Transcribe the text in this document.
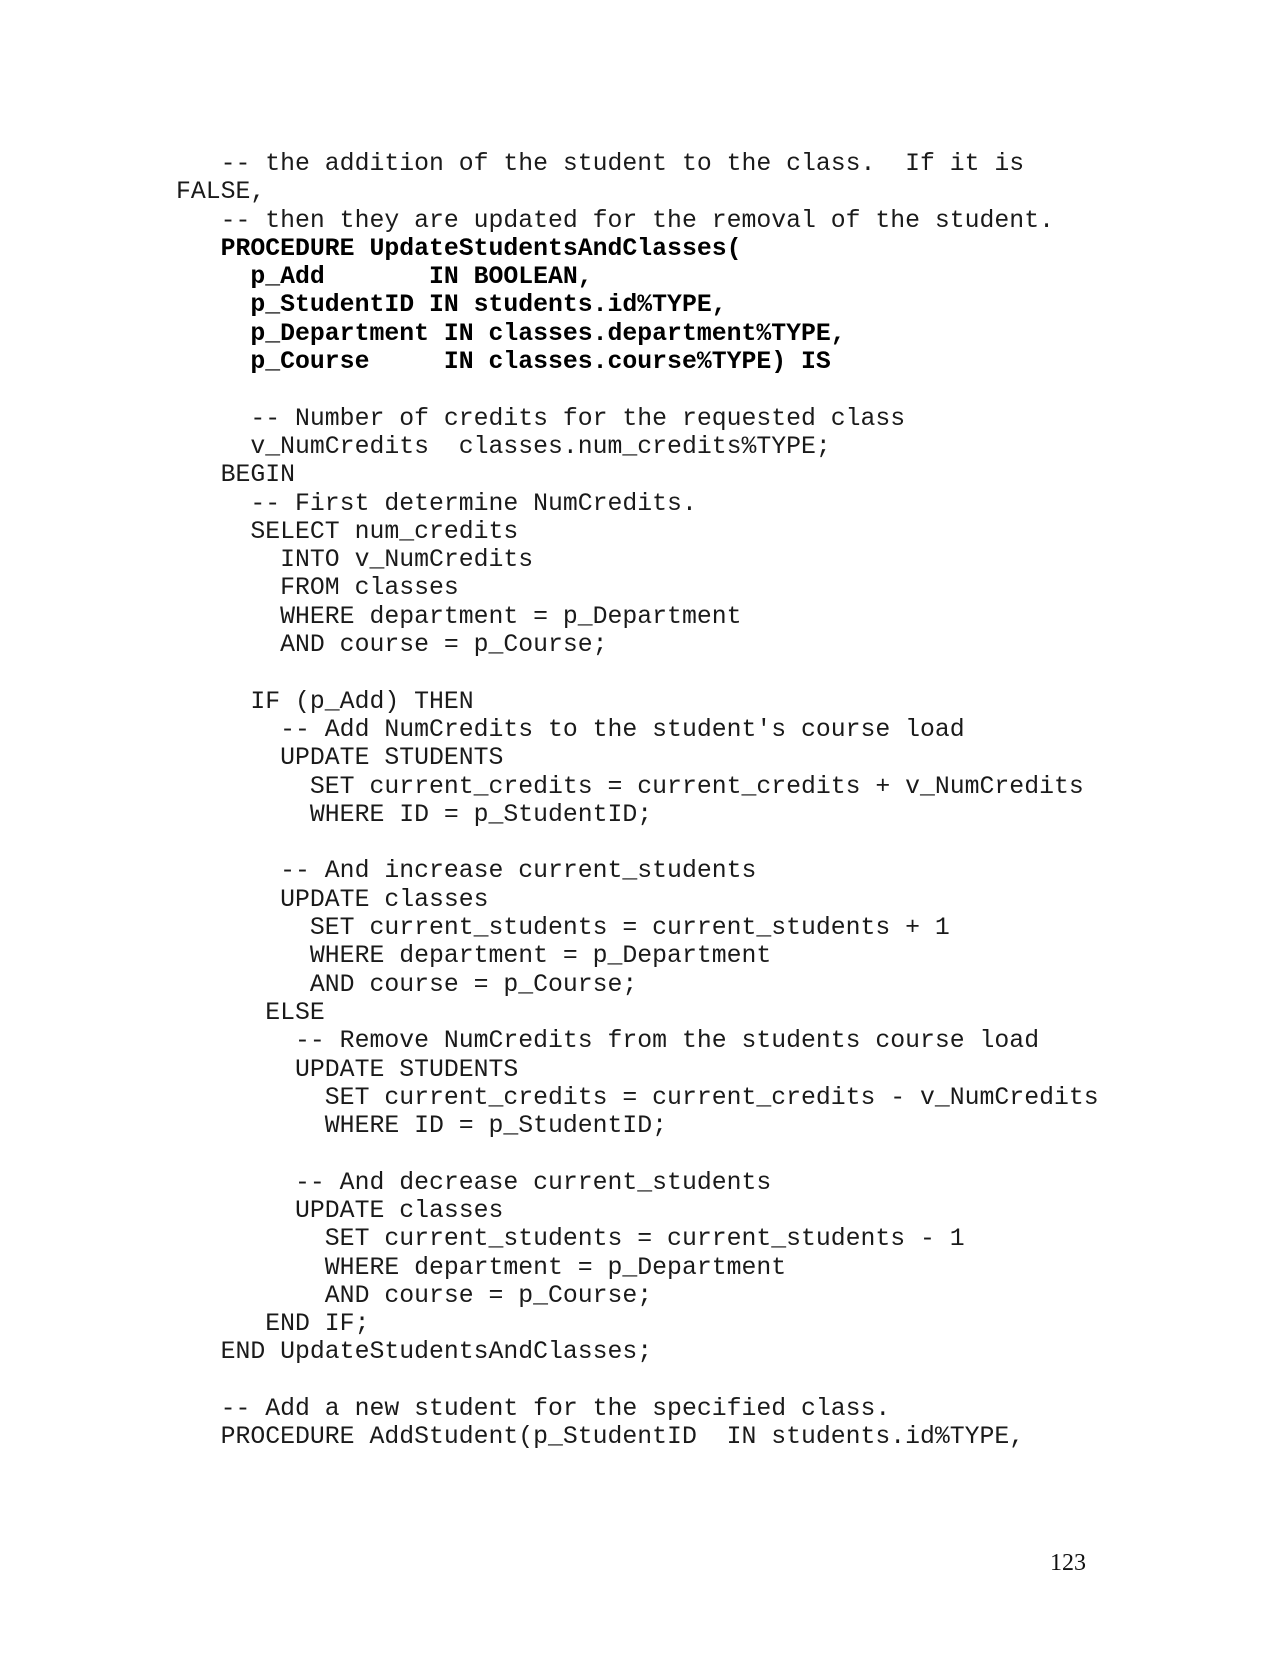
-- the addition of the student to the class.  If it is
FALSE,
-- then they are updated for the removal of the student.
PROCEDURE UpdateStudentsAndClasses(
p_Add       IN BOOLEAN,
p_StudentID IN students.id%TYPE,
p_Department IN classes.department%TYPE,
p_Course     IN classes.course%TYPE) IS
-- Number of credits for the requested class
v_NumCredits  classes.num_credits%TYPE;
BEGIN
-- First determine NumCredits.
SELECT num_credits
INTO v_NumCredits
FROM classes
WHERE department = p_Department
AND course = p_Course;
IF (p_Add) THEN
-- Add NumCredits to the student's course load
UPDATE STUDENTS
SET current_credits = current_credits + v_NumCredits
WHERE ID = p_StudentID;
-- And increase current_students
UPDATE classes
SET current_students = current_students + 1
WHERE department = p_Department
AND course = p_Course;
ELSE
-- Remove NumCredits from the students course load
UPDATE STUDENTS
SET current_credits = current_credits - v_NumCredits
WHERE ID = p_StudentID;
-- And decrease current_students
UPDATE classes
SET current_students = current_students - 1
WHERE department = p_Department
AND course = p_Course;
END IF;
END UpdateStudentsAndClasses;
-- Add a new student for the specified class.
PROCEDURE AddStudent(p_StudentID  IN students.id%TYPE,
123
